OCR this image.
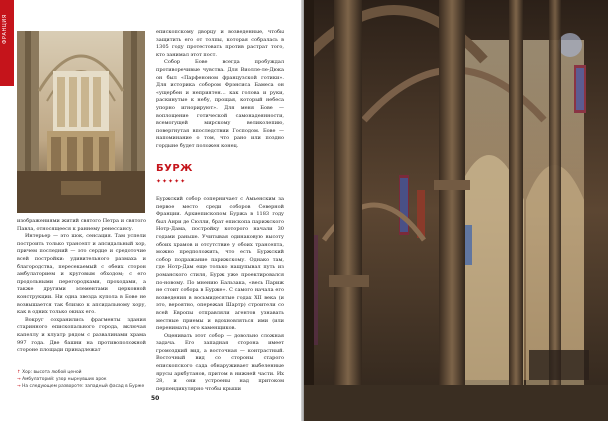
ФРАНЦИЯ

изображениями житий святого Петра и святого Павла, относящееся к раннему ренессансу.

Интерьер — это шок, сенсация. Там успели построить только трансепт и апсидальный хор, причем последний — это сердце и средоточие всей постройки: удивительного размаха и благородства, пересекаемый с обеих сторон амбулаторием и круговым обходом; с его продольными перегородками, проходами, а также другими элементами церковной конструкции. Ни одна звезда купола в Бове не возвышается так близко к апсидальному хору, как в одних только окнах его.

Вокруг сохранились фрагменты здания старинного епископального города, включая капеллу и клуатр рядом с развалинами храма 997 года. Две башни на противоположной стороне площади принадлежат

епископскому дворцу и возведенные, чтобы защитить его от толпы, которая собралась в 1305 году протестовать против растрат того, кто занимал этот пост.

Собор Бове всегда пробуждал противоречивые чувства. Для Виолле-ле-Дюка он был «Парфеноном французской готики». Для историка собором Фрэнсиса Бамеса он «ущербен и неприятен… как голова и руки, раскинутые к небу, прощая, который небеса упорно игнорируют». Для меня Бове — воплощение готической самонадеянности, всемогущей мирскому великолепию, повергнутая впоследствии Господом. Бове — напоминание о том, что рано или поздно гордыне будет положен конец.

БУРЖ
✦✦✦✦✦

Буржский собор соперничает с Амьенским за первое место среди соборов Северной Франции. Архиепископом Буржа в 1183 году был Анри де Сюлли, брат епископа парижского Нотр-Дама, постройку которого начали 30 годами раньше. Учитывая одинаковую высоту обоих храмов и отсутствие у обоих трансепта, можно предположить, что есть Буржский собор подражание парижскому. Однако там, где Нотр-Дам еще только нащупывал путь из романского стиля, Бурж уже проектировался по-новому. По мнению Бальзака, «весь Париж не стоит собора в Бурже». С самого начала его возведения в восьмидесятые годах XII века (и это, вероятно, опережая Шартр) строители со всей Европы отправляли агентов узнавать местные приемы и вдохновляться ими (или перенимать) его каменщиков.

Оценивать этот собор — довольно сложная задача. Его западная сторона имеет громоздкий вид, а восточная — контрастный. Восточный вид со стороны старого епископского сада обнаруживает выбеленные ярусы аркбутанов, притом в нижней части. Их 28, и они устроены над притоком перпендикулярно чтобы крыши

↑ Хор: высота любой ценой
→ Амбулаторий: узор нырнувших арок
→ На следующем развороте: западный фасад в Бурже
50
